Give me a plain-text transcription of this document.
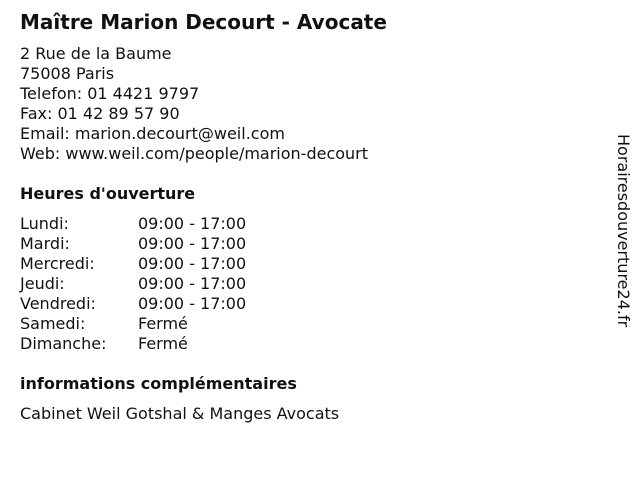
Maître Marion Decourt - Avocate
2 Rue de la Baume
75008 Paris
Telefon: 01 4421 9797
Fax: 01 42 89 57 90
Email: marion.decourt@weil.com
Web: www.weil.com/people/marion-decourt
Heures d'ouverture
Lundi:	09:00 - 17:00
Mardi:	09:00 - 17:00
Mercredi:	09:00 - 17:00
Jeudi:	09:00 - 17:00
Vendredi:	09:00 - 17:00
Samedi:	Fermé
Dimanche: Fermé
informations complémentaires
Cabinet Weil Gotshal & Manges Avocats
Horairesdouverture24.fr
